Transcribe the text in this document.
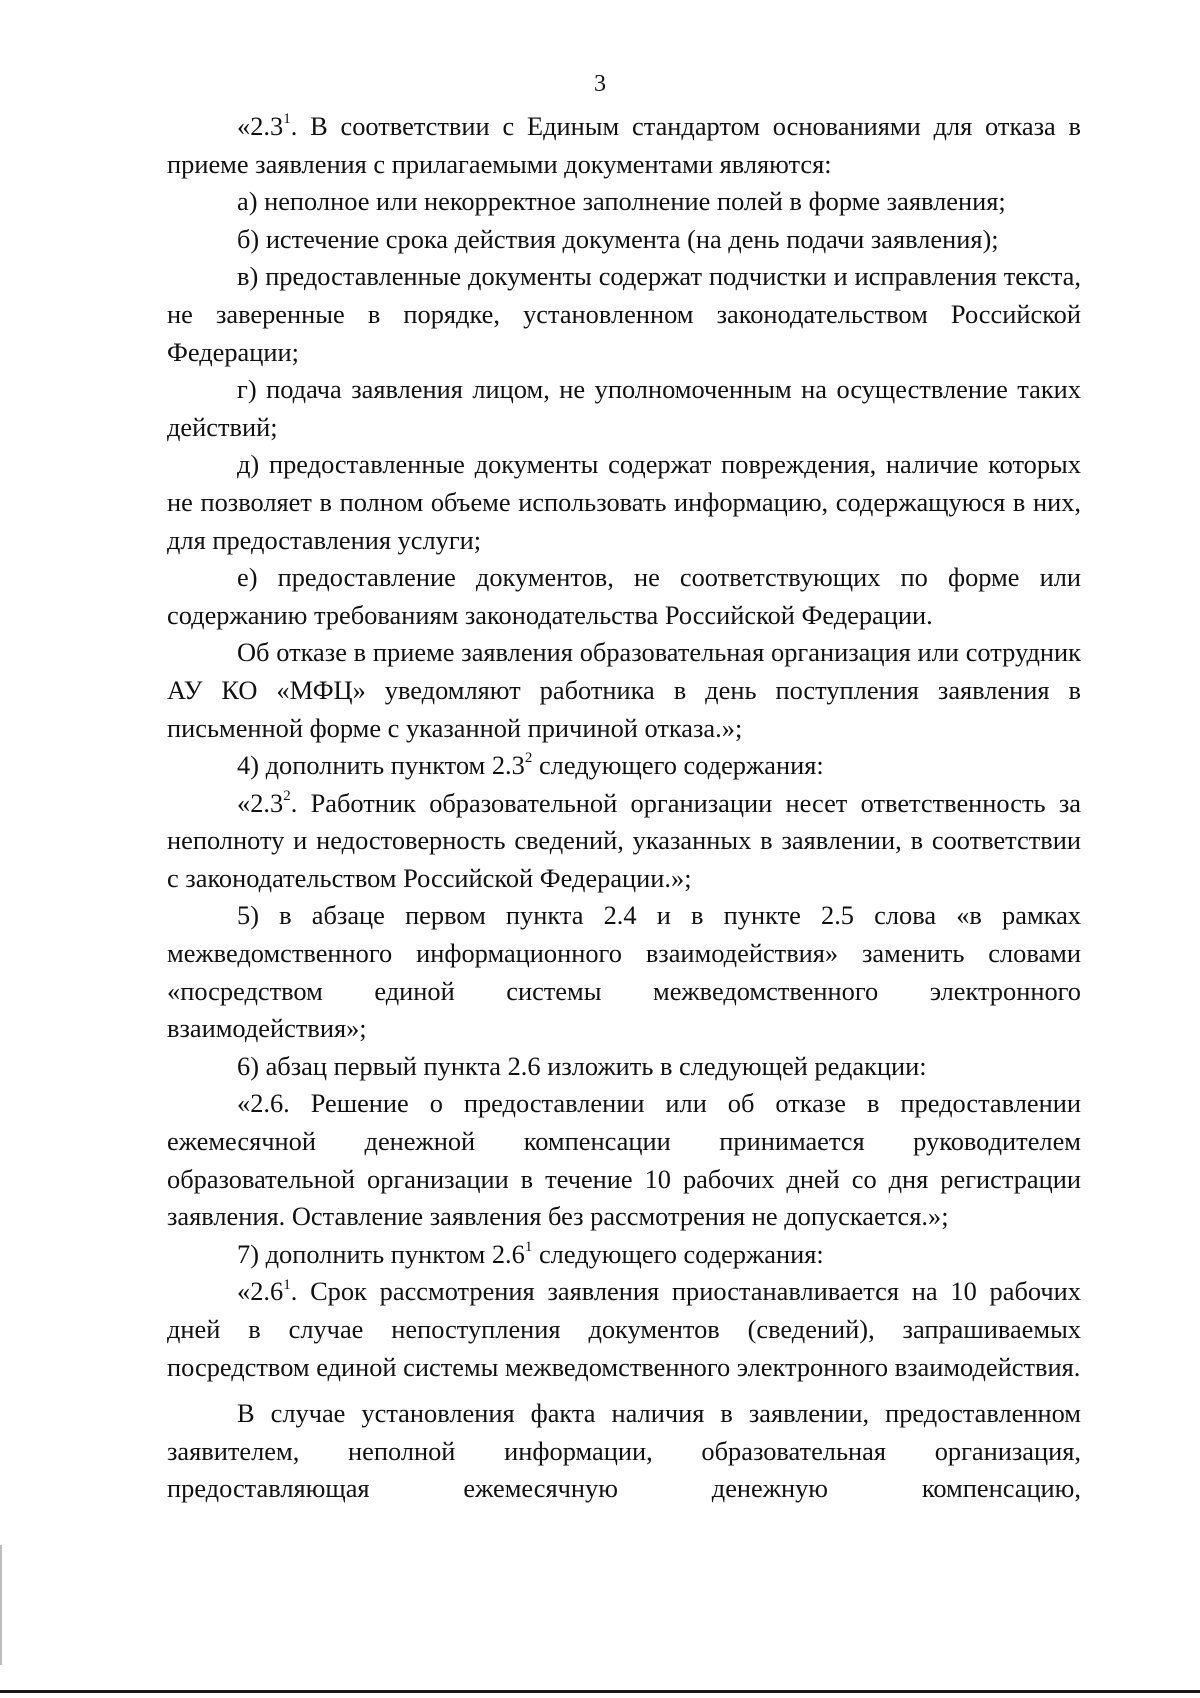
3

«$2.3^1$. В соответствии с Единым стандартом основаниями для отказа в приеме заявления с прилагаемыми документами являются:

а) неполное или некорректное заполнение полей в форме заявления;

б) истечение срока действия документа (на день подачи заявления);

в) предоставленные документы содержат подчистки и исправления текста, не заверенные в порядке, установленном законодательством Российской Федерации;

г) подача заявления лицом, не уполномоченным на осуществление таких действий;

д) предоставленные документы содержат повреждения, наличие которых не позволяет в полном объеме использовать информацию, содержащуюся в них, для предоставления услуги;

е) предоставление документов, не соответствующих по форме или содержанию требованиям законодательства Российской Федерации.

Об отказе в приеме заявления образовательная организация или сотрудник АУ КО «МФЦ» уведомляют работника в день поступления заявления в письменной форме с указанной причиной отказа.»;

4) дополнить пунктом $2.3^2$ следующего содержания:

«$2.3^2$. Работник образовательной организации несет ответственность за неполноту и недостоверность сведений, указанных в заявлении, в соответствии с законодательством Российской Федерации.»;

5) в абзаце первом пункта 2.4 и в пункте 2.5 слова «в рамках межведомственного информационного взаимодействия» заменить словами «посредством единой системы межведомственного электронного взаимодействия»;

6) абзац первый пункта 2.6 изложить в следующей редакции:

«2.6. Решение о предоставлении или об отказе в предоставлении ежемесячной денежной компенсации принимается руководителем образовательной организации в течение 10 рабочих дней со дня регистрации заявления. Оставление заявления без рассмотрения не допускается.»;

7) дополнить пунктом $2.6^1$ следующего содержания:

«$2.6^1$. Срок рассмотрения заявления приостанавливается на 10 рабочих дней в случае непоступления документов (сведений), запрашиваемых посредством единой системы межведомственного электронного взаимодействия.

В случае установления факта наличия в заявлении, предоставленном заявителем, неполной информации, образовательная организация, предоставляющая ежемесячную денежную компенсацию,
